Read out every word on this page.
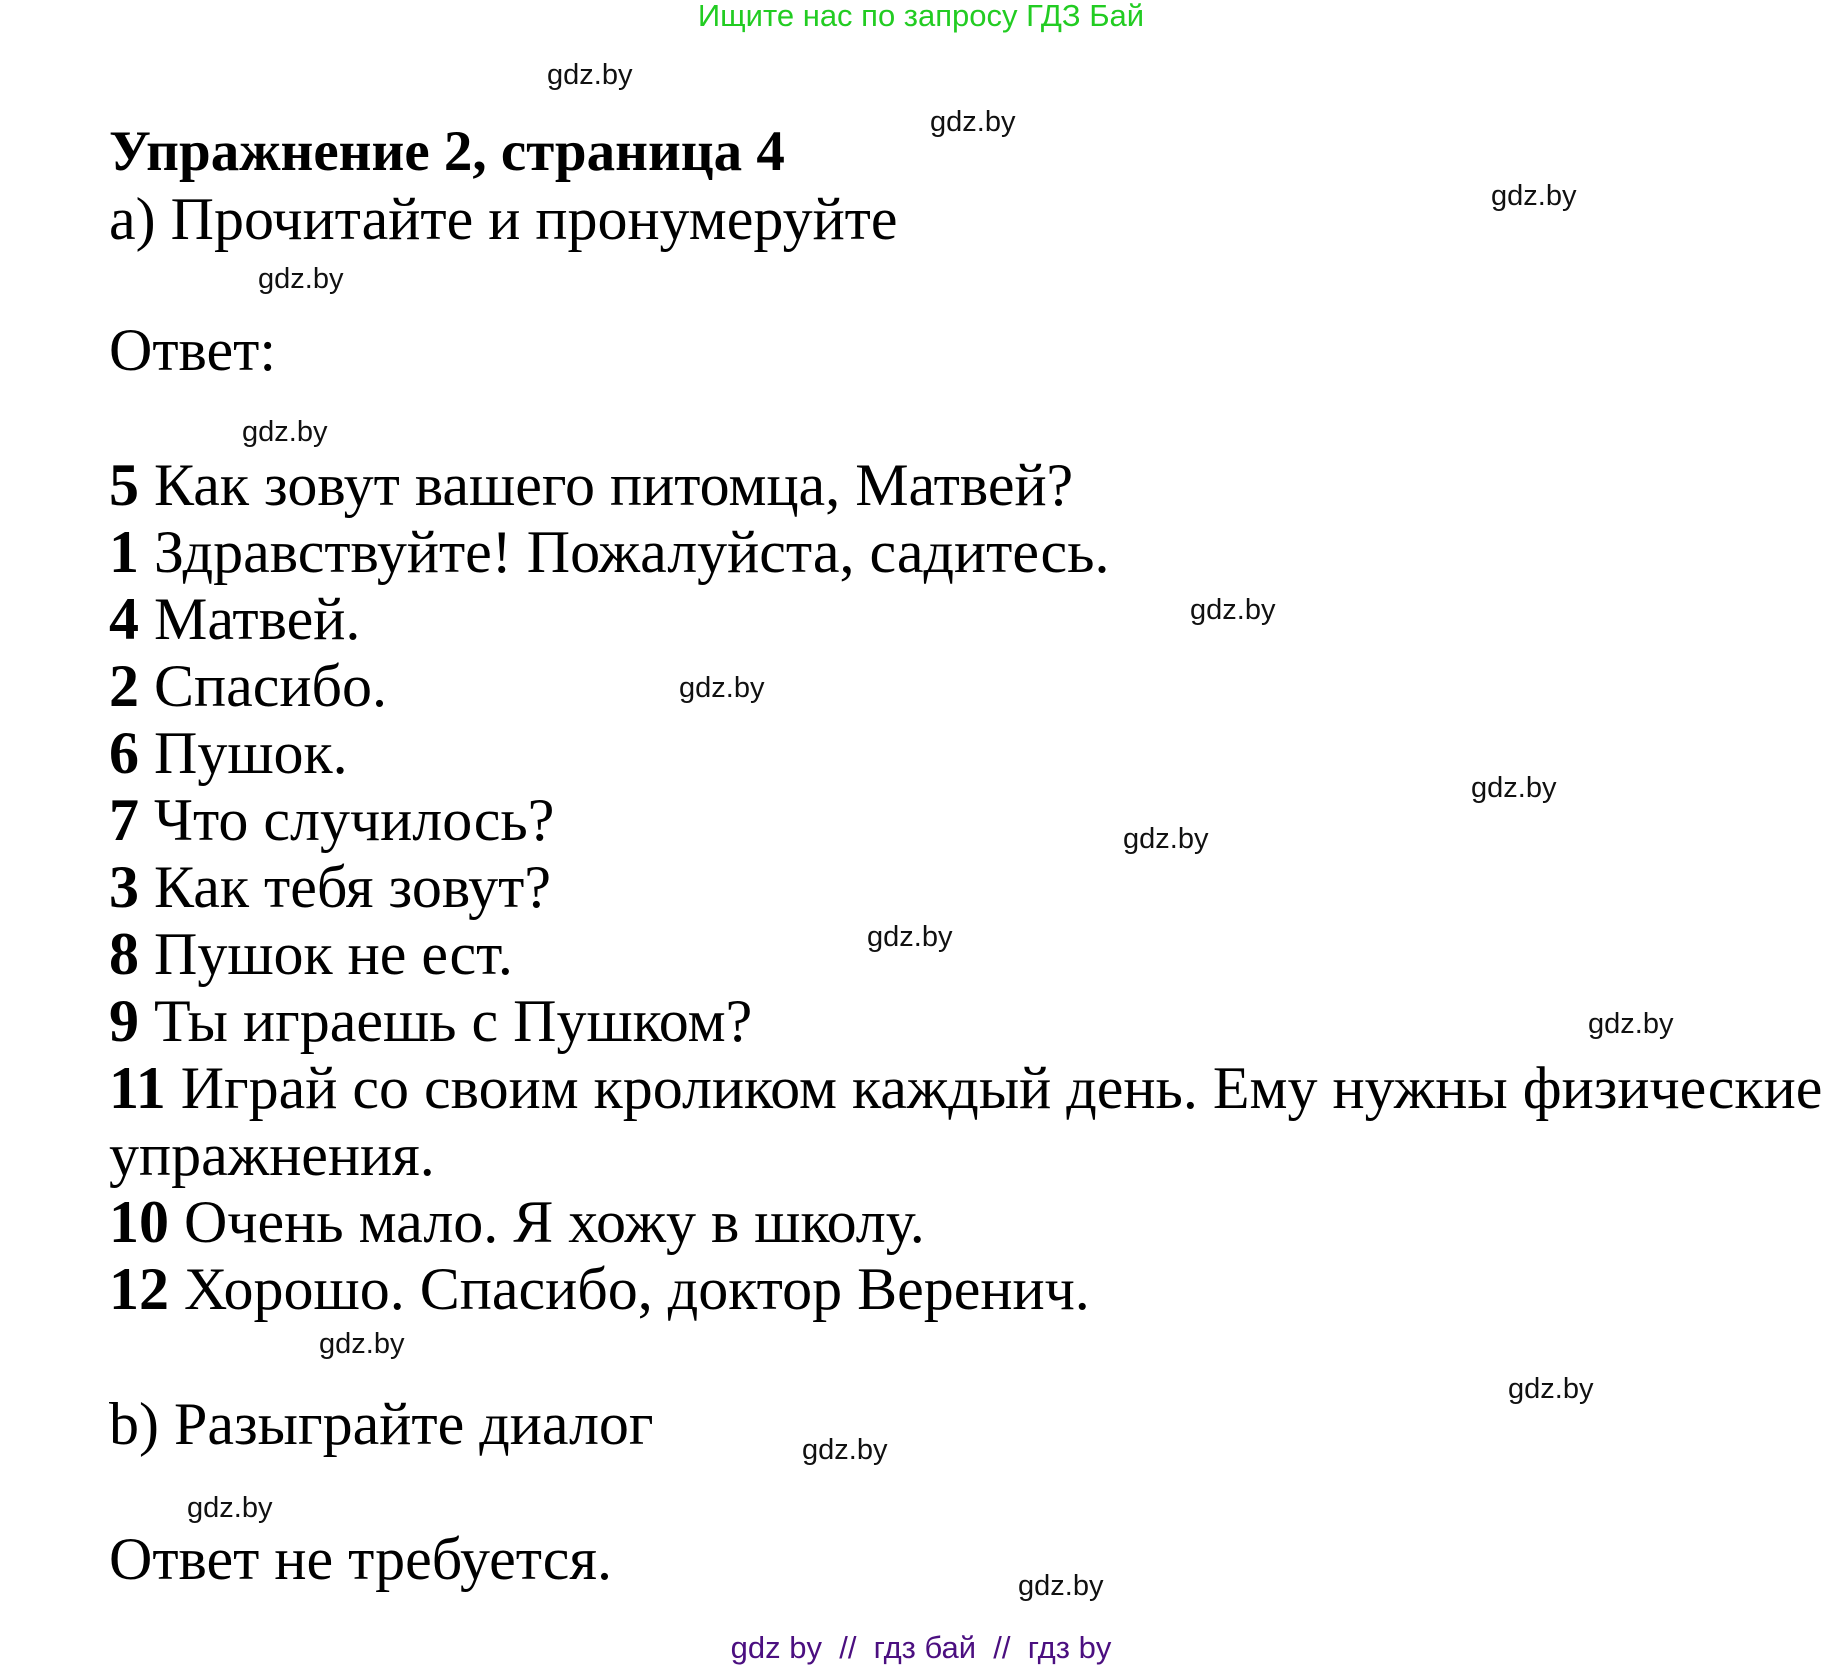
Ищите нас по запросу ГДЗ Бай
Упражнение 2, страница 4
a) Прочитайте и пронумеруйте
Ответ:
5 Как зовут вашего питомца, Матвей?
1 Здравствуйте! Пожалуйста, садитесь.
4 Матвей.
2 Спасибо.
6 Пушок.
7 Что случилось?
3 Как тебя зовут?
8 Пушок не ест.
9 Ты играешь с Пушком?
11 Играй со своим кроликом каждый день. Ему нужны физические упражнения.
10 Очень мало. Я хожу в школу.
12 Хорошо. Спасибо, доктор Веренич.
b) Разыграйте диалог
Ответ не требуется.
gdz.by
gdz.by
gdz.by
gdz.by
gdz.by
gdz.by
gdz.by
gdz.by
gdz.by
gdz.by
gdz.by
gdz.by
gdz.by
gdz.by
gdz.by
gdz.by
gdz by  //  гдз бай  //  гдз by
